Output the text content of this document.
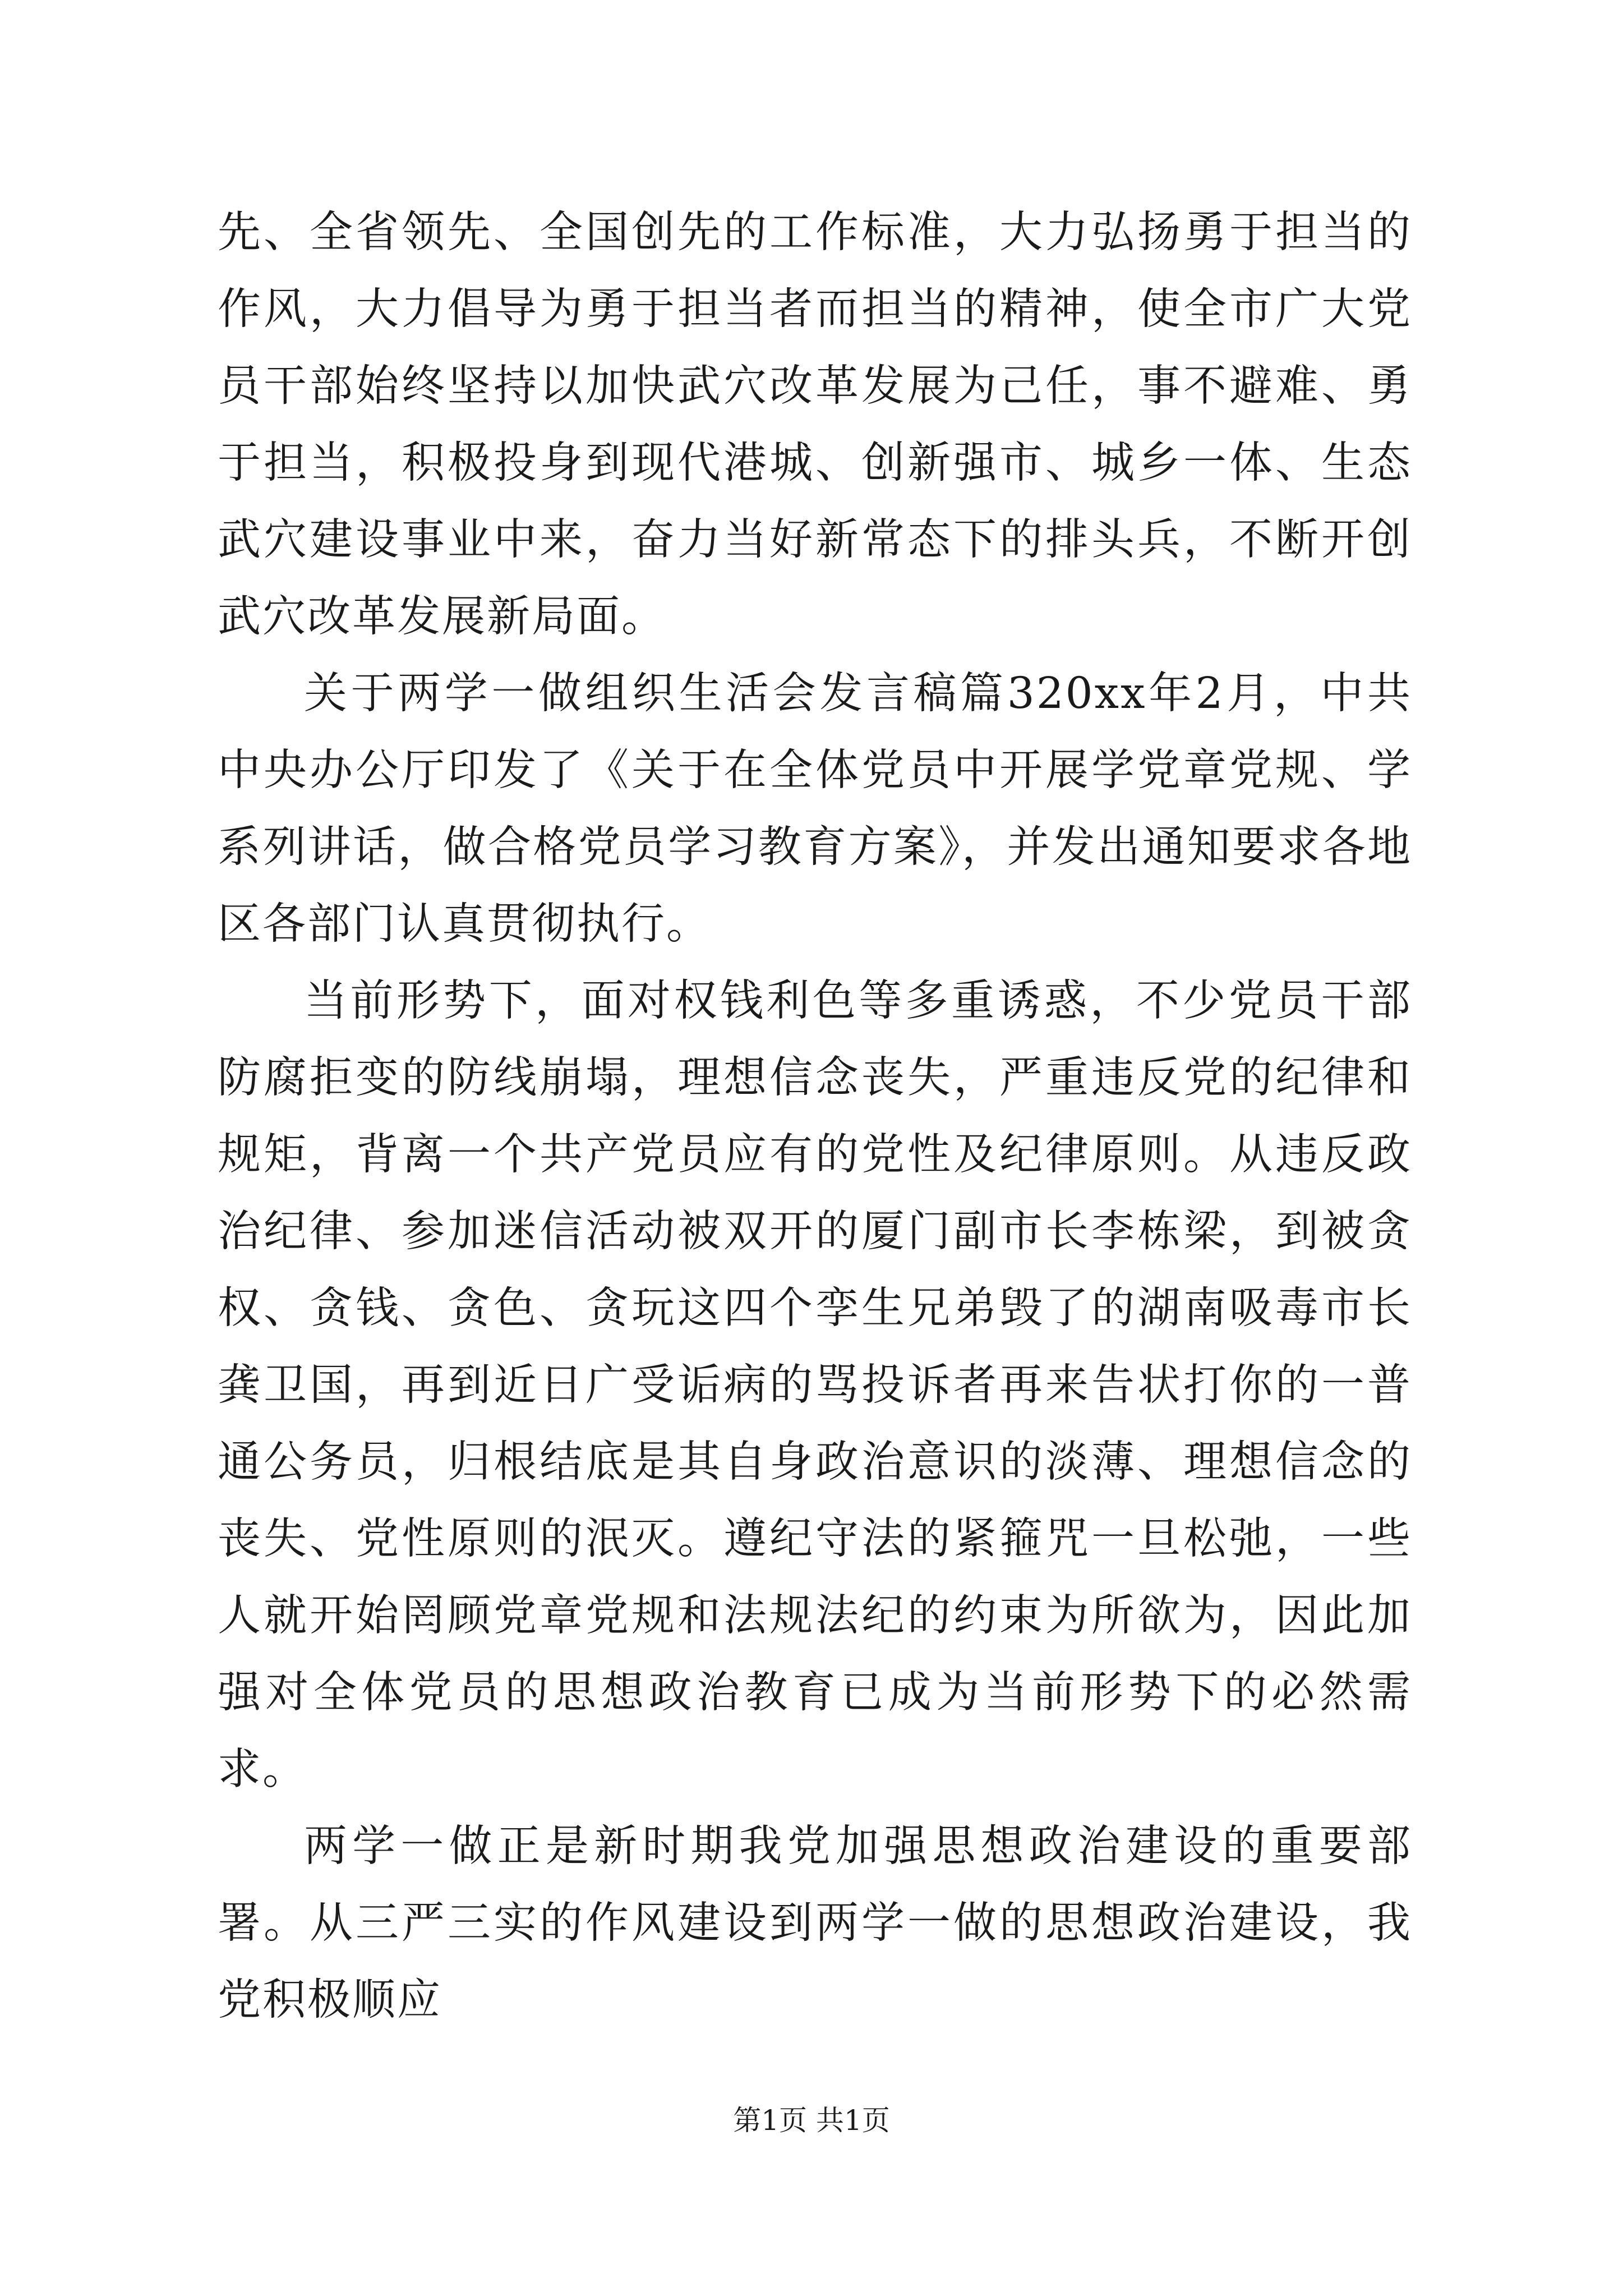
先、全省领先、全国创先的工作标准，大力弘扬勇于担当的作风，大力倡导为勇于担当者而担当的精神，使全市广大党员干部始终坚持以加快武穴改革发展为己任，事不避难、勇于担当，积极投身到现代港城、创新强市、城乡一体、生态武穴建设事业中来，奋力当好新常态下的排头兵，不断开创武穴改革发展新局面。

关于两学一做组织生活会发言稿篇320xx年2月，中共中央办公厅印发了《关于在全体党员中开展学党章党规、学系列讲话，做合格党员学习教育方案》，并发出通知要求各地区各部门认真贯彻执行。

当前形势下，面对权钱利色等多重诱惑，不少党员干部防腐拒变的防线崩塌，理想信念丧失，严重违反党的纪律和规矩，背离一个共产党员应有的党性及纪律原则。从违反政治纪律、参加迷信活动被双开的厦门副市长李栋梁，到被贪权、贪钱、贪色、贪玩这四个孪生兄弟毁了的湖南吸毒市长龚卫国，再到近日广受诟病的骂投诉者再来告状打你的一普通公务员，归根结底是其自身政治意识的淡薄、理想信念的丧失、党性原则的泯灭。遵纪守法的紧箍咒一旦松弛，一些人就开始罔顾党章党规和法规法纪的约束为所欲为，因此加强对全体党员的思想政治教育已成为当前形势下的必然需求。

两学一做正是新时期我党加强思想政治建设的重要部署。从三严三实的作风建设到两学一做的思想政治建设，我党积极顺应

第1页 共1页
